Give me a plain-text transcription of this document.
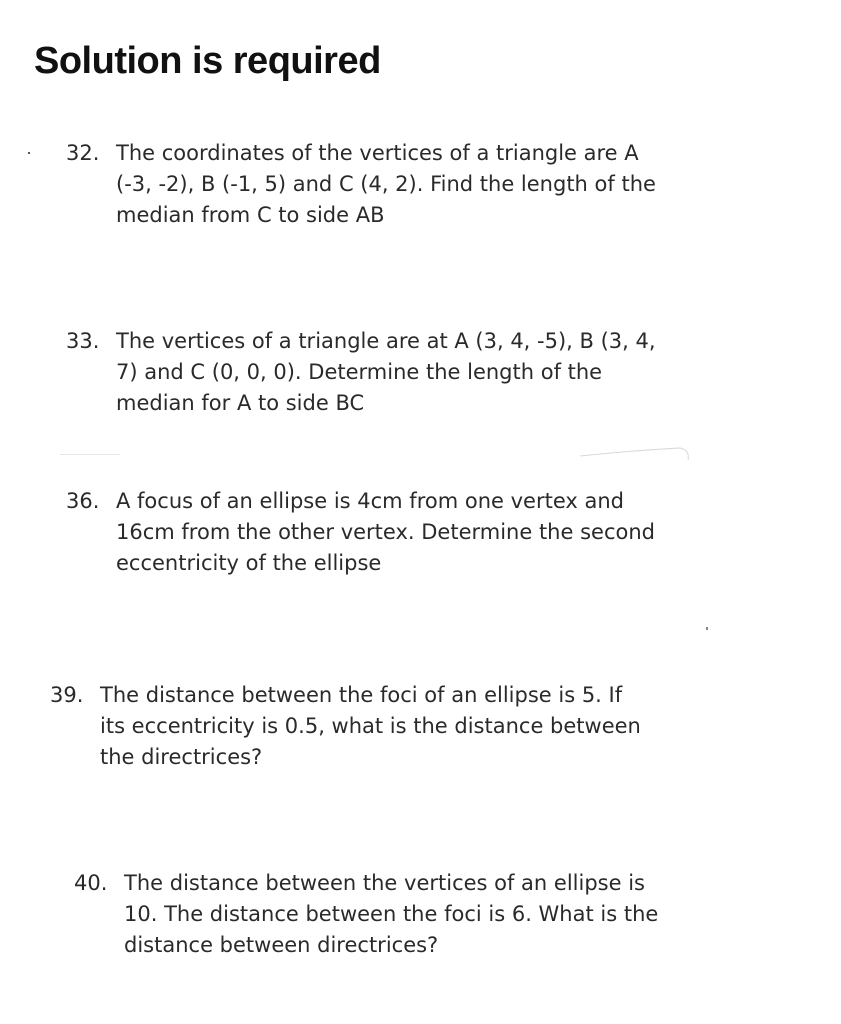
Solution is required
32. The coordinates of the vertices of a triangle are A (-3, -2), B (-1, 5) and C (4, 2). Find the length of the median from C to side AB
33. The vertices of a triangle are at A (3, 4, -5), B (3, 4, 7) and C (0, 0, 0). Determine the length of the median for A to side BC
36. A focus of an ellipse is 4cm from one vertex and 16cm from the other vertex. Determine the second eccentricity of the ellipse
39. The distance between the foci of an ellipse is 5. If its eccentricity is 0.5, what is the distance between the directrices?
40. The distance between the vertices of an ellipse is 10. The distance between the foci is 6. What is the distance between directrices?
